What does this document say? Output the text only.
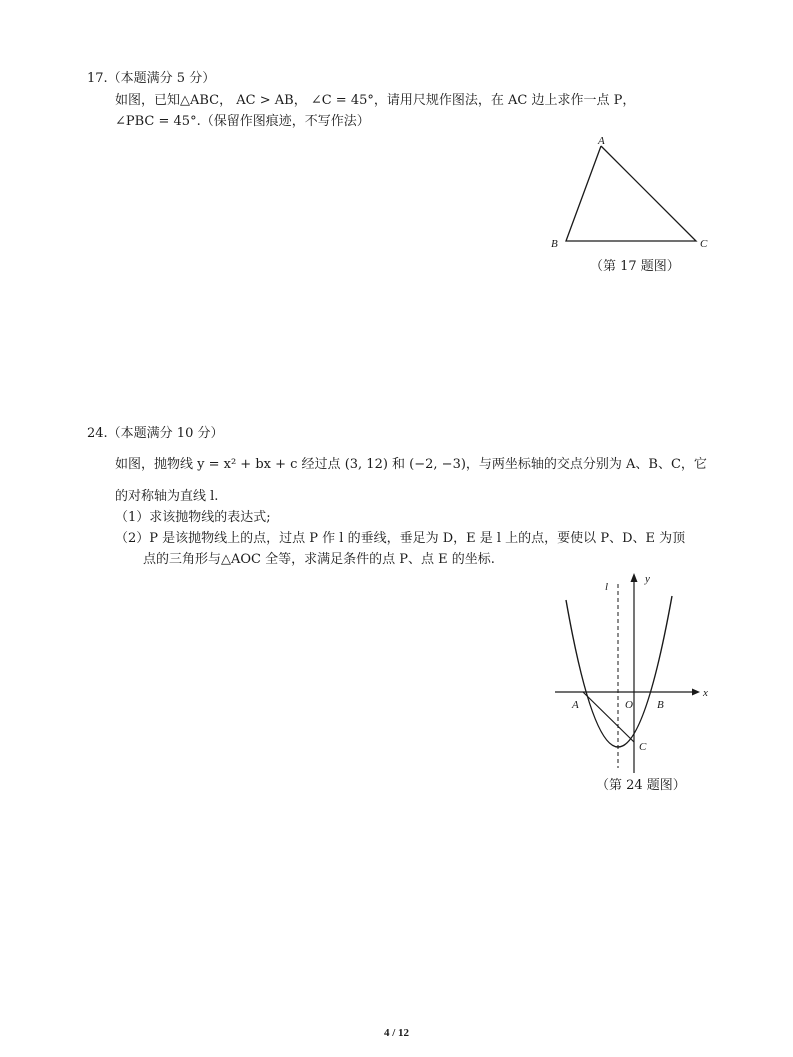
17.（本题满分 5 分）
如图，已知△ABC， AC > AB， ∠C = 45°，请用尺规作图法，在 AC 边上求作一点 P，
∠PBC = 45°.（保留作图痕迹，不写作法）
A
B	C
（第 17 题图）
24.（本题满分 10 分）
如图，抛物线 y = x² + bx + c 经过点 (3, 12) 和 (−2, −3)，与两坐标轴的交点分别为 A、B、C，它
的对称轴为直线 l.
（1）求该抛物线的表达式;
（2）P 是该抛物线上的点，过点 P 作 l 的垂线，垂足为 D，E 是 l 上的点，要使以 P、D、E 为顶
点的三角形与△AOC 全等，求满足条件的点 P、点 E 的坐标.
l
y
x
A	O B
C
（第 24 题图）
4 / 12
